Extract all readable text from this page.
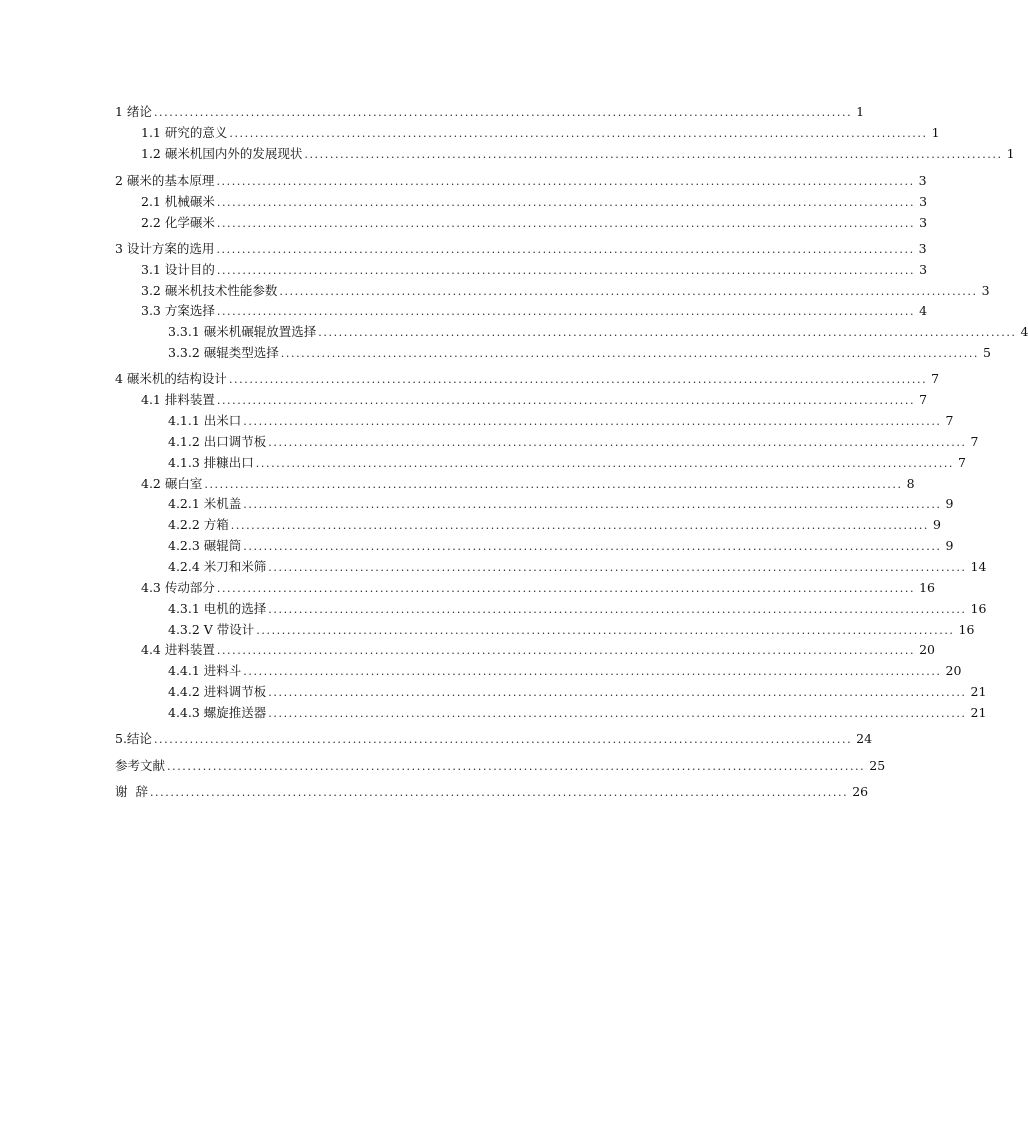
1 绪论 ......................................................................................................................................... 1
1.1 研究的意义 ......................................................................................................................................... 1
1.2 碾米机国内外的发展现状 ......................................................................................................................................... 1
2 碾米的基本原理 ......................................................................................................................................... 3
2.1 机械碾米 ......................................................................................................................................... 3
2.2 化学碾米 ......................................................................................................................................... 3
3 设计方案的选用 ......................................................................................................................................... 3
3.1 设计目的 ......................................................................................................................................... 3
3.2 碾米机技术性能参数 ......................................................................................................................................... 3
3.3 方案选择 ......................................................................................................................................... 4
3.3.1 碾米机碾辊放置选择 ......................................................................................................................................... 4
3.3.2 碾辊类型选择 ......................................................................................................................................... 5
4 碾米机的结构设计 ......................................................................................................................................... 7
4.1 排料装置 ......................................................................................................................................... 7
4.1.1 出米口 ......................................................................................................................................... 7
4.1.2 出口调节板 ......................................................................................................................................... 7
4.1.3 排糠出口 ......................................................................................................................................... 7
4.2 碾白室 ......................................................................................................................................... 8
4.2.1 米机盖 ......................................................................................................................................... 9
4.2.2 方箱 ......................................................................................................................................... 9
4.2.3 碾辊筒 ......................................................................................................................................... 9
4.2.4 米刀和米筛 ......................................................................................................................................... 14
4.3 传动部分 ......................................................................................................................................... 16
4.3.1 电机的选择 ......................................................................................................................................... 16
4.3.2 V 带设计 ......................................................................................................................................... 16
4.4 进料装置 ......................................................................................................................................... 20
4.4.1 进料斗 ......................................................................................................................................... 20
4.4.2 进料调节板 ......................................................................................................................................... 21
4.4.3 螺旋推送器 ......................................................................................................................................... 21
5.结论 ......................................................................................................................................... 24
参考文献 ......................................................................................................................................... 25
谢  辞 ......................................................................................................................................... 26
